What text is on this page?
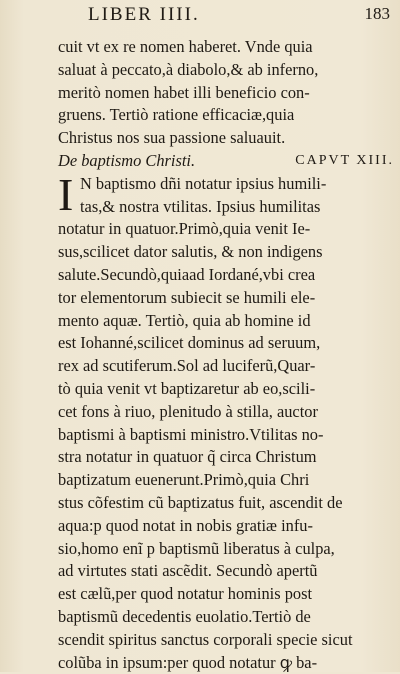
LIBER IIII.	183
cuit vt ex re nomen haberet. Vnde quia
saluat à peccato,à diabolo,& ab inferno,
meritò nomen habet illi beneficio con-
gruens. Tertiò ratione efficaciæ,quia
Christus nos sua passione saluauit.
De baptismo Christi.	CAPVT XIII.
I N baptismo dñi notatur ipsius humili-
tas,& nostra vtilitas. Ipsius humilitas
notatur in quatuor.Primò,quia venit Ie-
sus,scilicet dator salutis, & non indigens
salute.Secundò,quiaad Iordané,vbi crea
tor elementorum subiecit se humili ele-
mento aquæ. Tertiò, quia ab homine id
est Iohanné,scilicet dominus ad seruum,
rex ad scutiferum.Sol ad luciferũ,Quar-
tò quia venit vt baptizaretur ab eo,scili-
cet fons à riuo, plenitudo à stilla, auctor
baptismi à baptismi ministro.Vtilitas no-
stra notatur in quatuor q̃ circa Christum
baptizatum euenerunt.Primò,quia Chri
stus cõfestim cũ baptizatus fuit, ascendit de
aqua:p quod notat in nobis gratiæ infu-
sio,homo enĩ p baptismũ liberatus à culpa,
ad virtutes stati ascẽdit. Secundò apertũ
est cælũ,per quod notatur hominis post
baptismũ decedentis euolatio.Tertiò de
scendit spiritus sanctus corporali specie sicut
colũba in ipsum:per quod notatur ꝙ ba-
